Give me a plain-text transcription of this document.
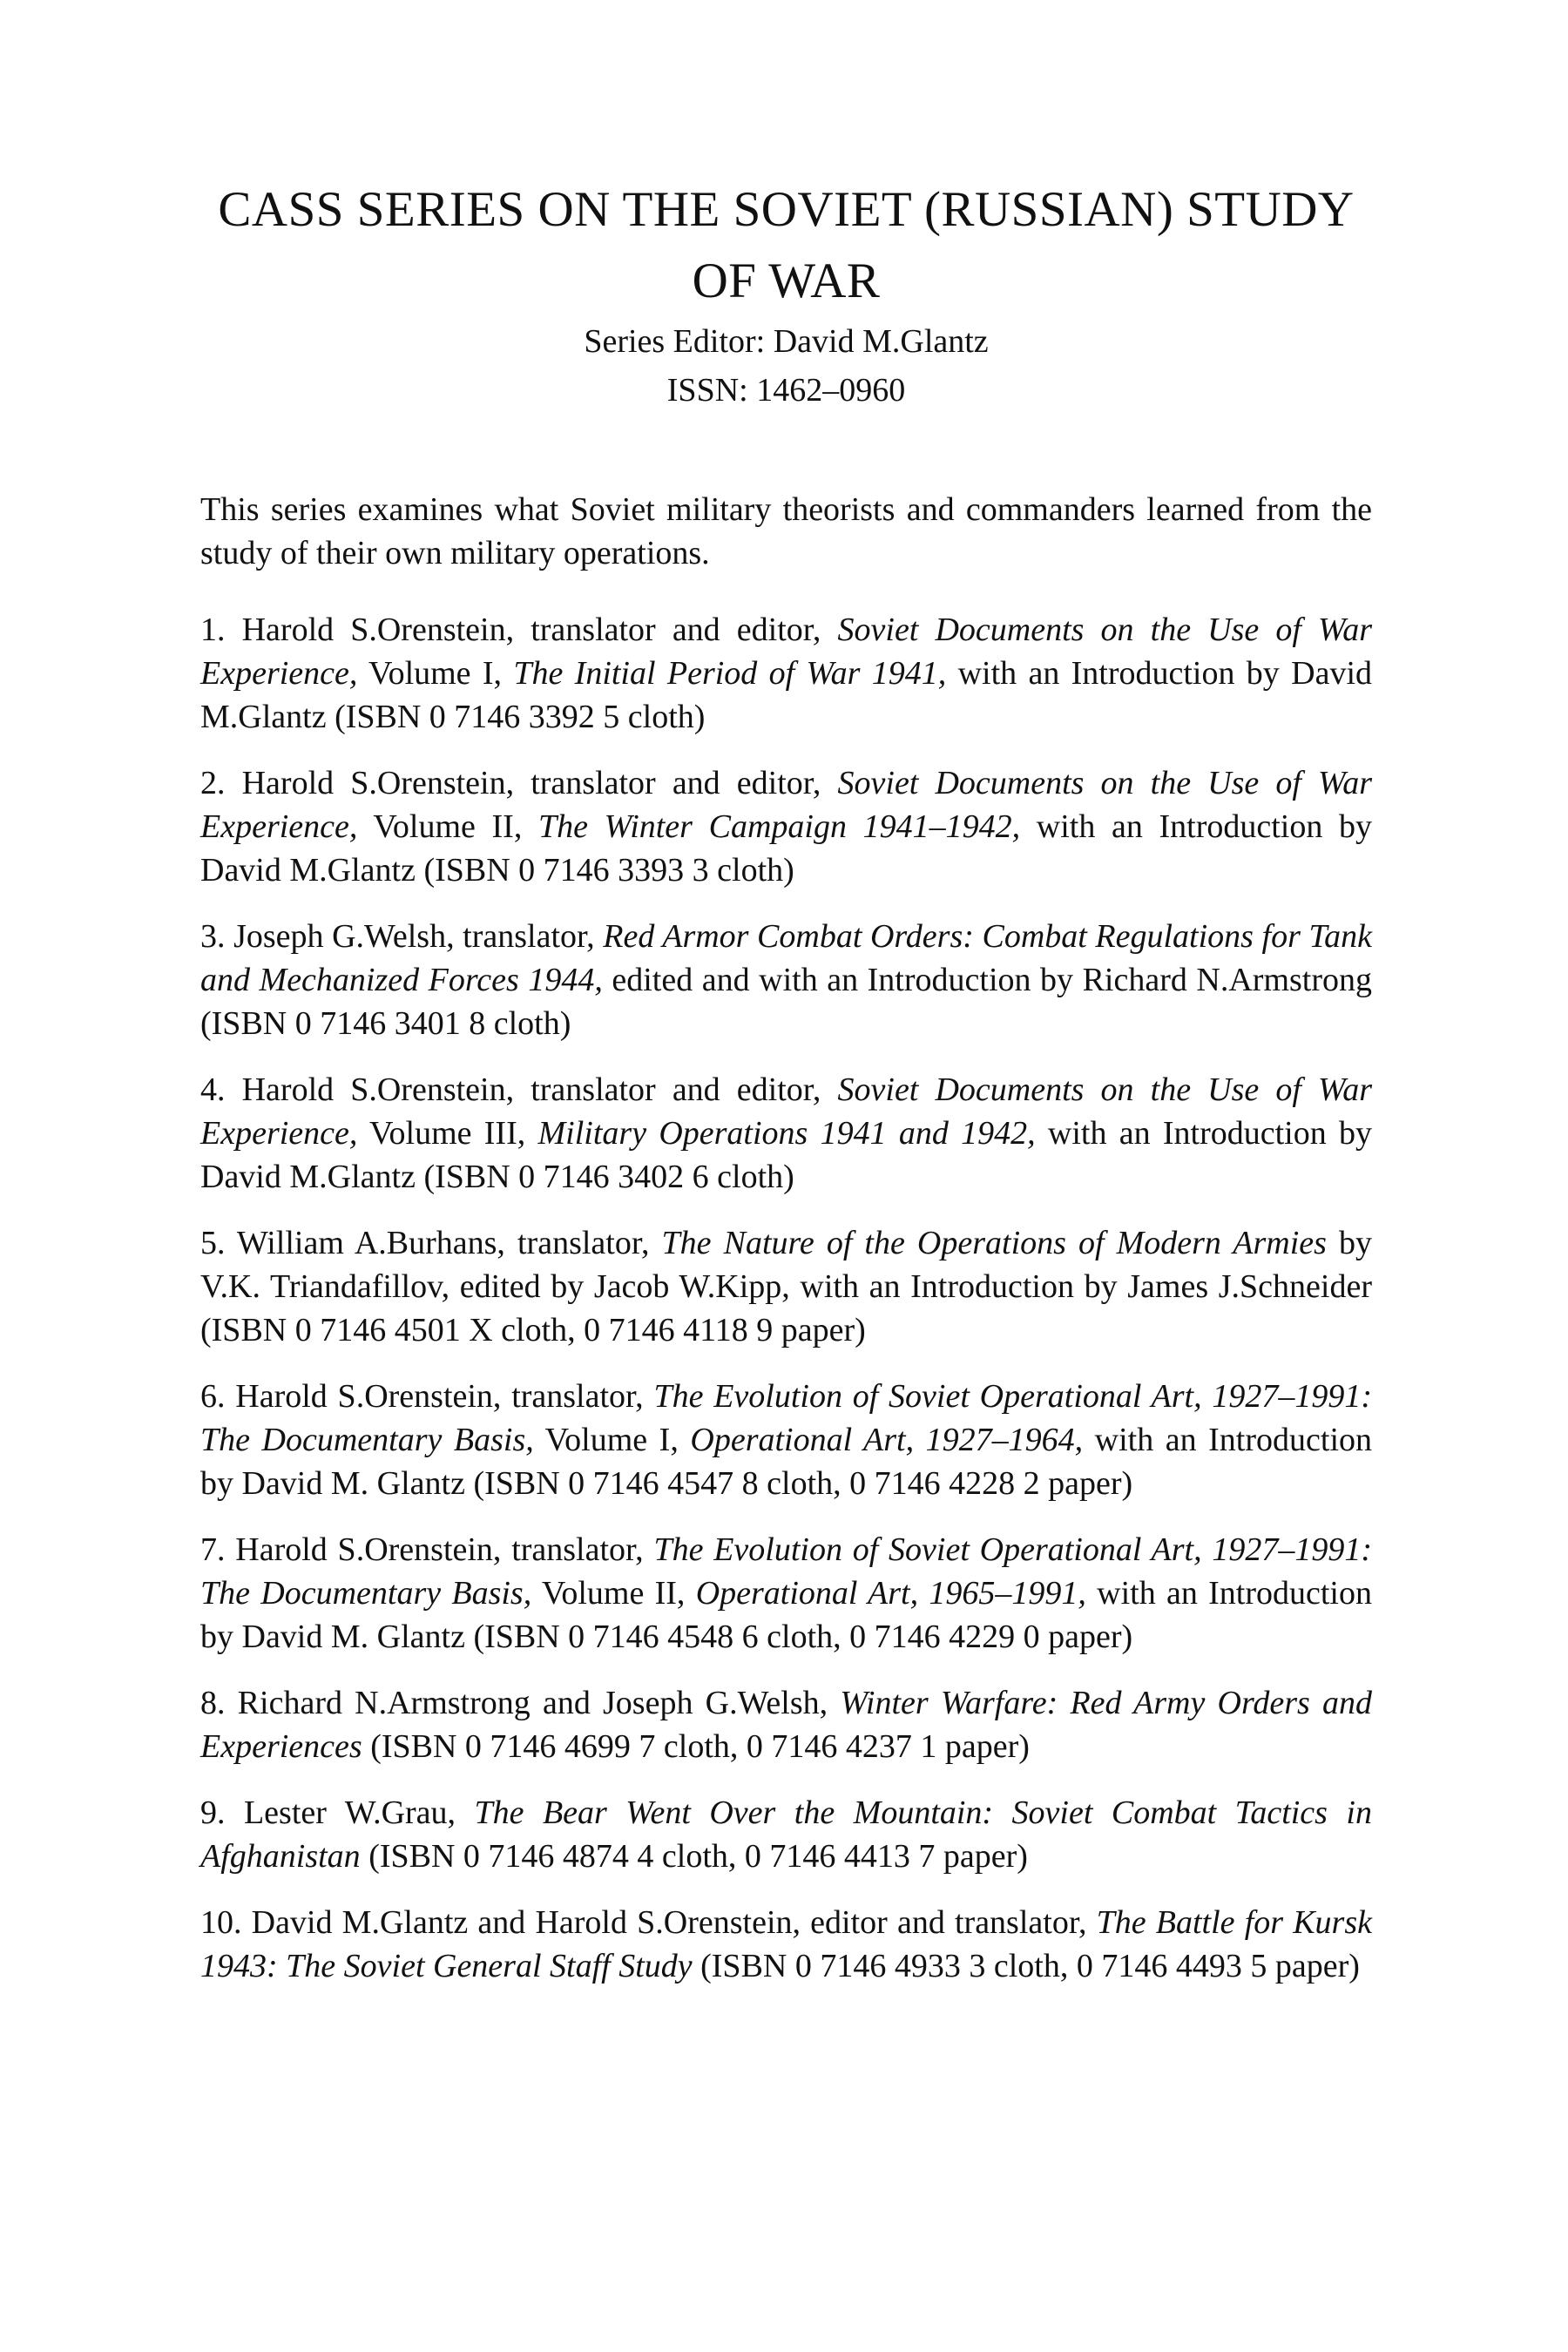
CASS SERIES ON THE SOVIET (RUSSIAN) STUDY OF WAR

Series Editor: David M.Glantz

ISSN: 1462–0960

This series examines what Soviet military theorists and commanders learned from the study of their own military operations.

1. Harold S.Orenstein, translator and editor, Soviet Documents on the Use of War Experience, Volume I, The Initial Period of War 1941, with an Introduction by David M.Glantz (ISBN 0 7146 3392 5 cloth)
2. Harold S.Orenstein, translator and editor, Soviet Documents on the Use of War Experience, Volume II, The Winter Campaign 1941–1942, with an Introduction by David M.Glantz (ISBN 0 7146 3393 3 cloth)
3. Joseph G.Welsh, translator, Red Armor Combat Orders: Combat Regulations for Tank and Mechanized Forces 1944, edited and with an Introduction by Richard N.Armstrong (ISBN 0 7146 3401 8 cloth)
4. Harold S.Orenstein, translator and editor, Soviet Documents on the Use of War Experience, Volume III, Military Operations 1941 and 1942, with an Introduction by David M.Glantz (ISBN 0 7146 3402 6 cloth)
5. William A.Burhans, translator, The Nature of the Operations of Modern Armies by V.K. Triandafillov, edited by Jacob W.Kipp, with an Introduction by James J.Schneider (ISBN 0 7146 4501 X cloth, 0 7146 4118 9 paper)
6. Harold S.Orenstein, translator, The Evolution of Soviet Operational Art, 1927–1991: The Documentary Basis, Volume I, Operational Art, 1927–1964, with an Introduction by David M. Glantz (ISBN 0 7146 4547 8 cloth, 0 7146 4228 2 paper)
7. Harold S.Orenstein, translator, The Evolution of Soviet Operational Art, 1927–1991: The Documentary Basis, Volume II, Operational Art, 1965–1991, with an Introduction by David M. Glantz (ISBN 0 7146 4548 6 cloth, 0 7146 4229 0 paper)
8. Richard N.Armstrong and Joseph G.Welsh, Winter Warfare: Red Army Orders and Experiences (ISBN 0 7146 4699 7 cloth, 0 7146 4237 1 paper)
9. Lester W.Grau, The Bear Went Over the Mountain: Soviet Combat Tactics in Afghanistan (ISBN 0 7146 4874 4 cloth, 0 7146 4413 7 paper)
10. David M.Glantz and Harold S.Orenstein, editor and translator, The Battle for Kursk 1943: The Soviet General Staff Study (ISBN 0 7146 4933 3 cloth, 0 7146 4493 5 paper)
